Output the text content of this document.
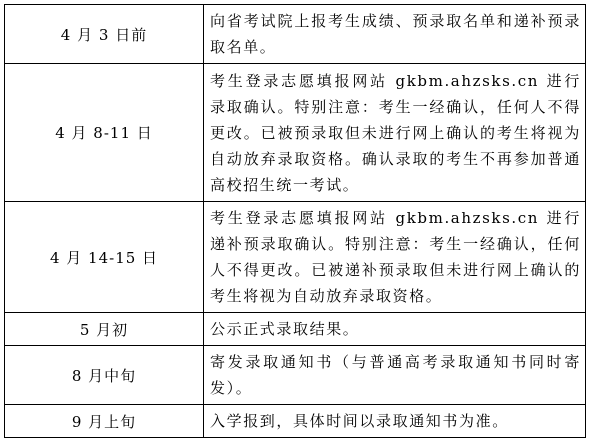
4 月 3 日前	向省考试院上报考生成绩、预录取名单和递补预录取名单。
4 月 8-11 日	考生登录志愿填报网站 gkbm.ahzsks.cn 进行录取确认。特别注意：考生一经确认，任何人不得更改。已被预录取但未进行网上确认的考生将视为自动放弃录取资格。确认录取的考生不再参加普通高校招生统一考试。
4 月 14-15 日	考生登录志愿填报网站 gkbm.ahzsks.cn 进行递补预录取确认。特别注意：考生一经确认，任何人不得更改。已被递补预录取但未进行网上确认的考生将视为自动放弃录取资格。
5 月初	公示正式录取结果。
8 月中旬	寄发录取通知书（与普通高考录取通知书同时寄发）。
9 月上旬	入学报到，具体时间以录取通知书为准。
